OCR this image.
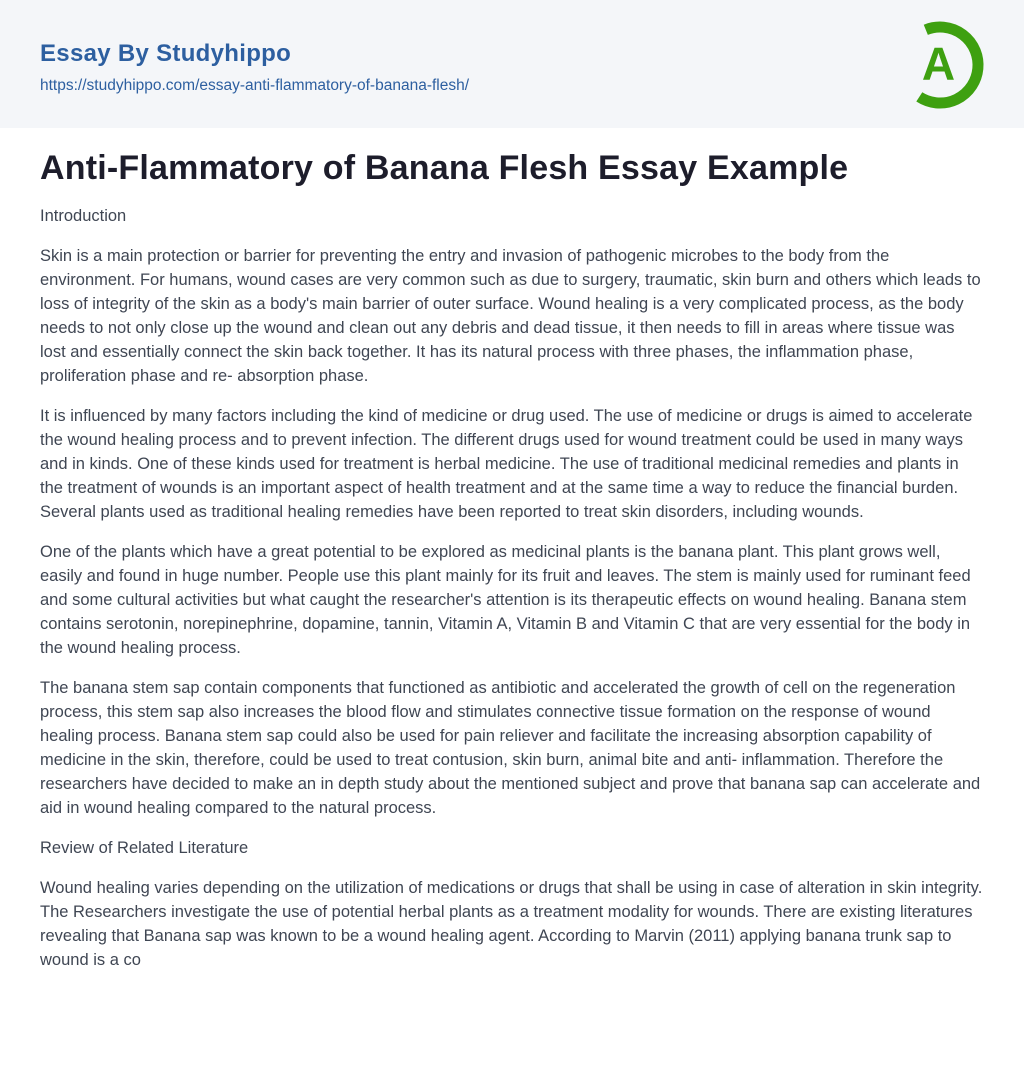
Essay By Studyhippo
https://studyhippo.com/essay-anti-flammatory-of-banana-flesh/	A
Anti-Flammatory of Banana Flesh Essay Example

Introduction

Skin is a main protection or barrier for preventing the entry and invasion of pathogenic microbes to the body from the environment. For humans, wound cases are very common such as due to surgery, traumatic, skin burn and others which leads to loss of integrity of the skin as a body's main barrier of outer surface. Wound healing is a very complicated process, as the body needs to not only close up the wound and clean out any debris and dead tissue, it then needs to fill in areas where tissue was lost and essentially connect the skin back together. It has its natural process with three phases, the inflammation phase, proliferation phase and re- absorption phase.

It is influenced by many factors including the kind of medicine or drug used. The use of medicine or drugs is aimed to accelerate the wound healing process and to prevent infection. The different drugs used for wound treatment could be used in many ways and in kinds. One of these kinds used for treatment is herbal medicine. The use of traditional medicinal remedies and plants in the treatment of wounds is an important aspect of health treatment and at the same time a way to reduce the financial burden. Several plants used as traditional healing remedies have been reported to treat skin disorders, including wounds.

One of the plants which have a great potential to be explored as medicinal plants is the banana plant. This plant grows well, easily and found in huge number. People use this plant mainly for its fruit and leaves. The stem is mainly used for ruminant feed and some cultural activities but what caught the researcher's attention is its therapeutic effects on wound healing. Banana stem contains serotonin, norepinephrine, dopamine, tannin, Vitamin A, Vitamin B and Vitamin C that are very essential for the body in the wound healing process.

The banana stem sap contain components that functioned as antibiotic and accelerated the growth of cell on the regeneration process, this stem sap also increases the blood flow and stimulates connective tissue formation on the response of wound healing process. Banana stem sap could also be used for pain reliever and facilitate the increasing absorption capability of medicine in the skin, therefore, could be used to treat contusion, skin burn, animal bite and anti- inflammation. Therefore the researchers have decided to make an in depth study about the mentioned subject and prove that banana sap can accelerate and aid in wound healing compared to the natural process.

Review of Related Literature

Wound healing varies depending on the utilization of medications or drugs that shall be using in case of alteration in skin integrity. The Researchers investigate the use of potential herbal plants as a treatment modality for wounds. There are existing literatures revealing that Banana sap was known to be a wound healing agent. According to Marvin (2011) applying banana trunk sap to wound is a co
